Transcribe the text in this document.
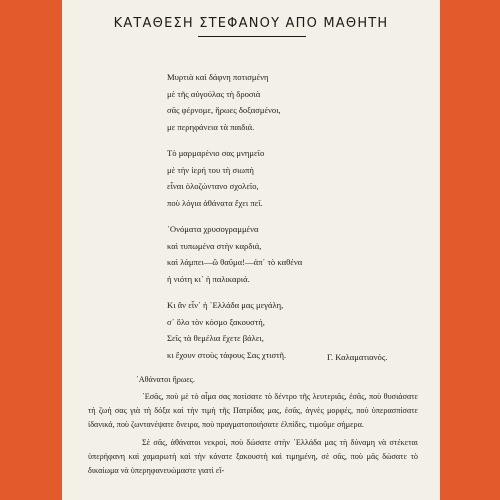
ΚΑΤΑΘΕΣΗ ΣΤΕΦΑΝΟΥ ΑΠΟ ΜΑΘΗΤΗ
Μυρτιὰ καὶ δάφνη ποτισμένη
μὲ τῆς αὐγούλας τὴ δροσιὰ
σᾶς φέρνομε, ἥρωες δοξασμένοι,
με περηφάνεια τὰ παιδιά.
Τὸ μαρμαρένιο σας μνημεῖο
μὲ τὴν ἱερή του τὴ σιωπή
εἶναι ὁλοζώντανο σχολεῖο,
ποὺ λόγια ἀθάνατα ἔχει πεῖ.
᾿Ονόματα χρυσογραμμένα
καὶ τυπωμένα στὴν καρδιά,
καὶ λάμπει—ὢ θαῦμα!—ἀπ᾿ τὸ καθένα
ἡ νιότη κι᾿ ἡ παλικαριά.
Κι ἂν εἶν᾿ ἡ ῾Ελλάδα μας μεγάλη,
σ᾿ ὅλο τὸν κόσμο ξακουστή,
Σεῖς τὰ θεμέλια ἔχετε βάλει,
κι ἔχουν στοὺς τάφους Σας χτιστῆ.	Γ. Καλαματιανός.
᾿Αθάνατοι ἥρωες.

᾿Εσᾶς, ποὺ μὲ τὸ αἷμα σας ποτίσατε τὸ δέντρο τῆς λευτεριᾶς, ἐσᾶς, ποὺ θυσιάσατε τὴ ζωή σας γιὰ τὴ δόξα καὶ τὴν τιμὴ τῆς Πατρίδας μας, ἐσᾶς, ἁγνὲς μορφές, ποὺ ὑπερασπίσατε ἰδανικά, ποὺ ζωντανέψατε ὄνειρα, ποὺ πραγματοποιήσατε ἐλπίδες, τιμοῦμε σήμερα.

Σὲ σᾶς, ἀθάνατοι νεκροί, ποὺ δώσατε στὴν ῾Ελλάδα μας τὴ δύναμη νὰ στέκεται ὑπερήφανη καὶ χαμαρωτὴ καὶ τὴν κάνατε ξακουστὴ καὶ τιμημένη, σὲ σᾶς, ποὺ μᾶς δώσατε τὸ δικαίωμα νὰ ὑπερηφανευώμαστε γιατὶ εἴ-
